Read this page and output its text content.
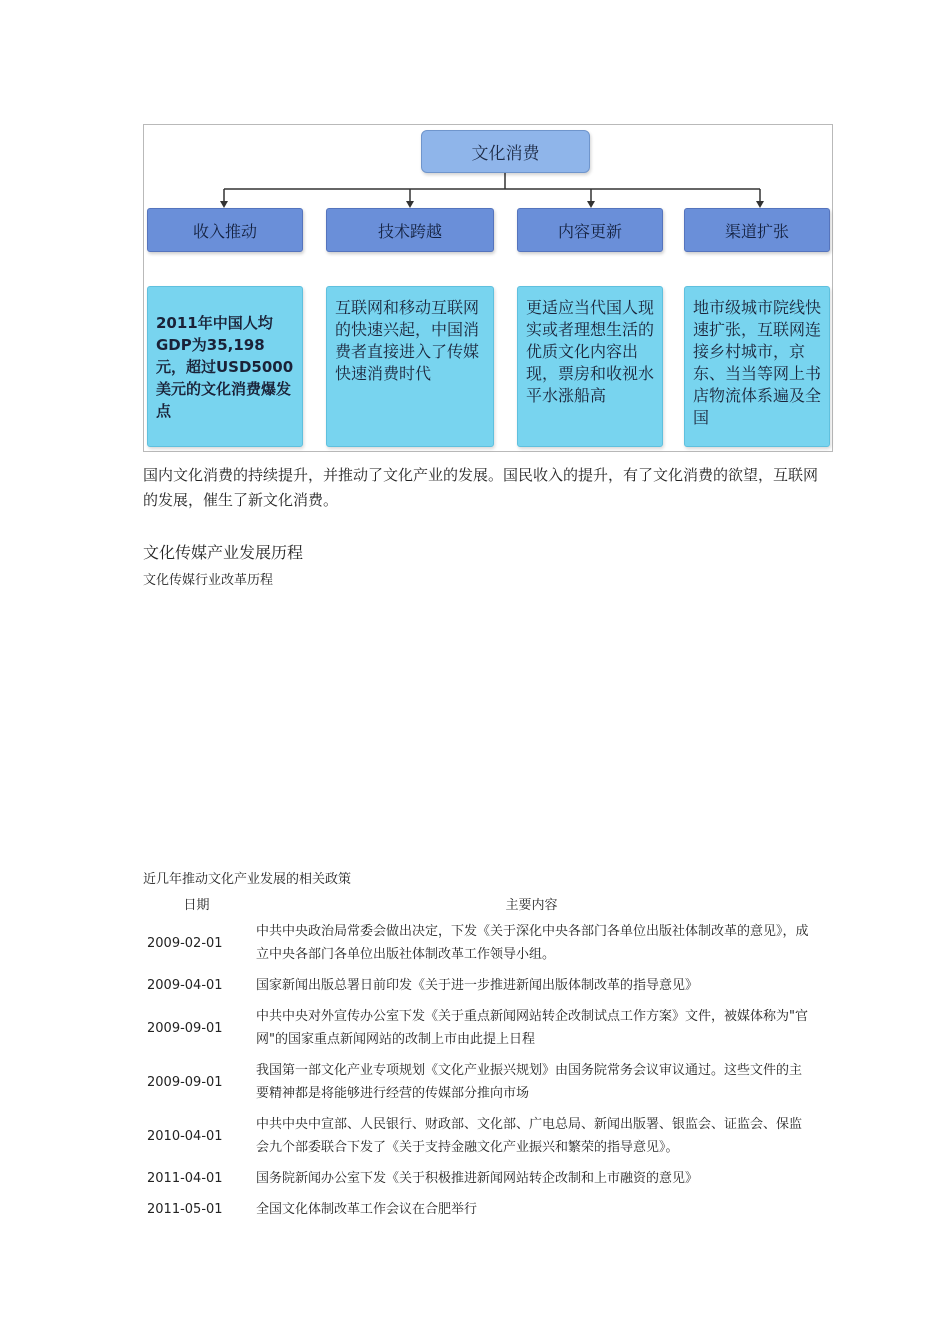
文化消费
收入推动	技术跨越	内容更新	渠道扩张
2011年中国人均GDP为35,198元，超过USD5000美元的文化消费爆发点
互联网和移动互联网的快速兴起，中国消费者直接进入了传媒快速消费时代
更适应当代国人现实或者理想生活的优质文化内容出现，票房和收视水平水涨船高
地市级城市院线快速扩张，互联网连接乡村城市，京东、当当等网上书店物流体系遍及全国
国内文化消费的持续提升，并推动了文化产业的发展。国民收入的提升，有了文化消费的欲望，互联网的发展，催生了新文化消费。
文化传媒产业发展历程
文化传媒行业改革历程
近几年推动文化产业发展的相关政策
日期	主要内容
2009-02-01	中共中央政治局常委会做出决定，下发《关于深化中央各部门各单位出版社体制改革的意见》，成立中央各部门各单位出版社体制改革工作领导小组。
2009-04-01	国家新闻出版总署日前印发《关于进一步推进新闻出版体制改革的指导意见》
2009-09-01	中共中央对外宣传办公室下发《关于重点新闻网站转企改制试点工作方案》文件，被媒体称为"官网"的国家重点新闻网站的改制上市由此提上日程
2009-09-01	我国第一部文化产业专项规划《文化产业振兴规划》由国务院常务会议审议通过。这些文件的主要精神都是将能够进行经营的传媒部分推向市场
2010-04-01	中共中央中宣部、人民银行、财政部、文化部、广电总局、新闻出版署、银监会、证监会、保监会九个部委联合下发了《关于支持金融文化产业振兴和繁荣的指导意见》。
2011-04-01	国务院新闻办公室下发《关于积极推进新闻网站转企改制和上市融资的意见》
2011-05-01	全国文化体制改革工作会议在合肥举行
